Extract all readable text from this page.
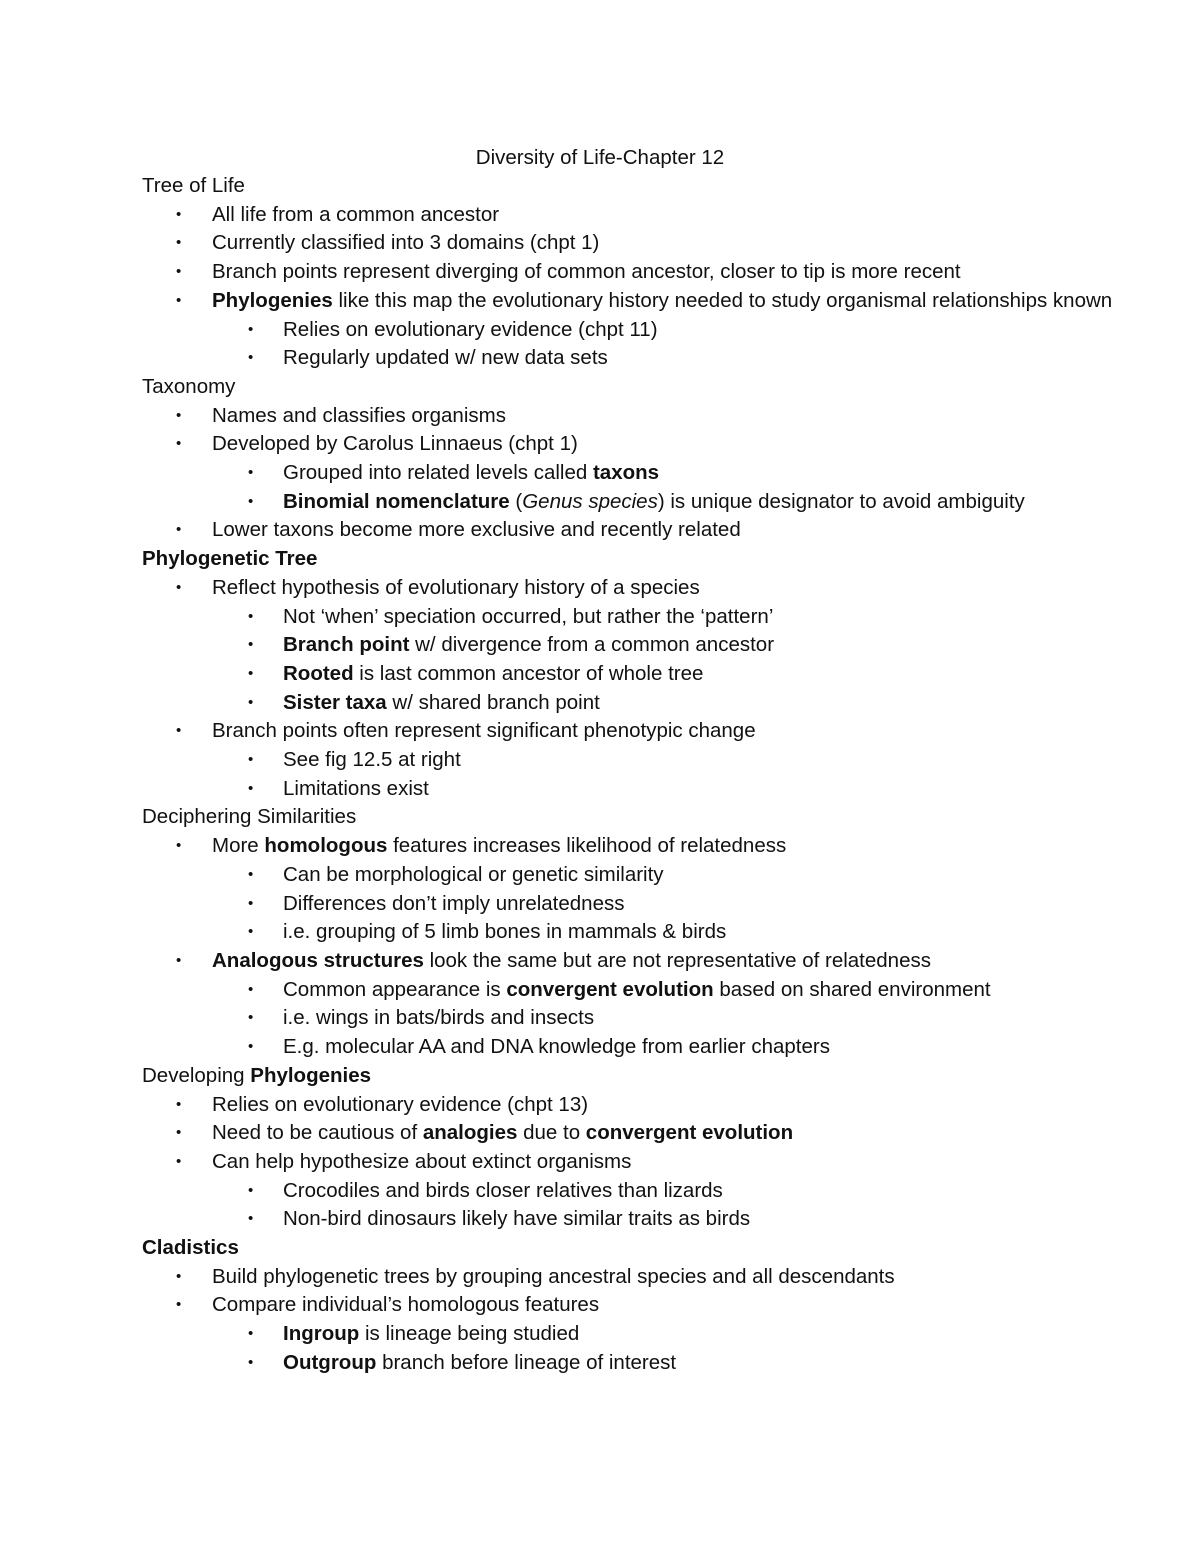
Diversity of Life-Chapter 12
Tree of Life
• All life from a common ancestor
• Currently classified into 3 domains (chpt 1)
• Branch points represent diverging of common ancestor, closer to tip is more recent
• Phylogenies like this map the evolutionary history needed to study organismal relationships known
• Relies on evolutionary evidence (chpt 11)
• Regularly updated w/ new data sets
Taxonomy
• Names and classifies organisms
• Developed by Carolus Linnaeus (chpt 1)
• Grouped into related levels called taxons
• Binomial nomenclature (Genus species) is unique designator to avoid ambiguity
• Lower taxons become more exclusive and recently related
Phylogenetic Tree
• Reflect hypothesis of evolutionary history of a species
• Not ‘when’ speciation occurred, but rather the ‘pattern’
• Branch point w/ divergence from a common ancestor
• Rooted is last common ancestor of whole tree
• Sister taxa w/ shared branch point
• Branch points often represent significant phenotypic change
• See fig 12.5 at right
• Limitations exist
Deciphering Similarities
• More homologous features increases likelihood of relatedness
• Can be morphological or genetic similarity
• Differences don’t imply unrelatedness
• i.e. grouping of 5 limb bones in mammals & birds
• Analogous structures look the same but are not representative of relatedness
• Common appearance is convergent evolution based on shared environment
• i.e. wings in bats/birds and insects
• E.g. molecular AA and DNA knowledge from earlier chapters
Developing Phylogenies
• Relies on evolutionary evidence (chpt 13)
• Need to be cautious of analogies due to convergent evolution
• Can help hypothesize about extinct organisms
• Crocodiles and birds closer relatives than lizards
• Non-bird dinosaurs likely have similar traits as birds
Cladistics
• Build phylogenetic trees by grouping ancestral species and all descendants
• Compare individual’s homologous features
• Ingroup is lineage being studied
• Outgroup branch before lineage of interest
